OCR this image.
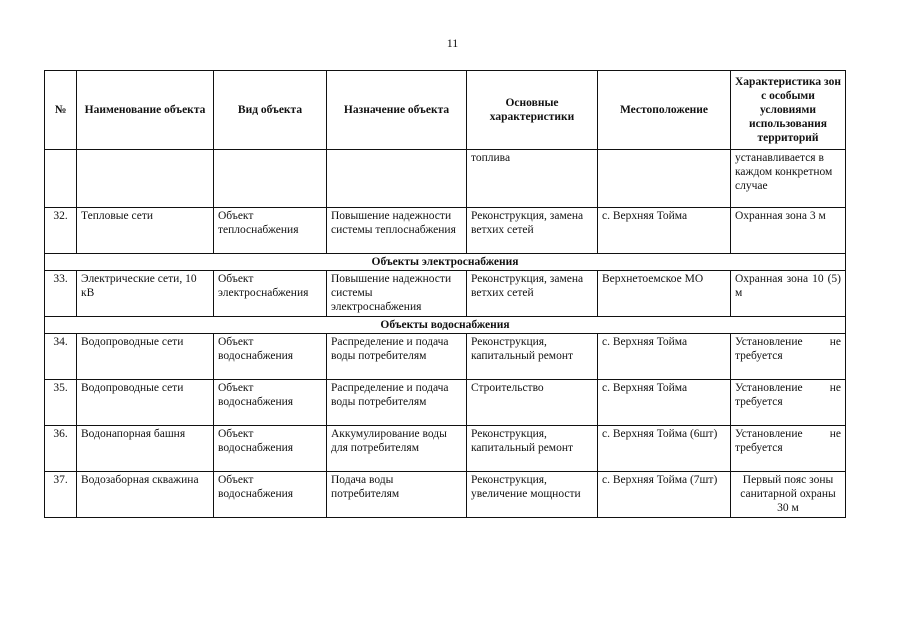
11
№	Наименование объекта	Вид объекта	Назначение объекта	Основные характеристики	Местоположение	Характеристика зон с особыми условиями использования территорий
				топлива		устанавливается в каждом конкретном случае
32.	Тепловые сети	Объект теплоснабжения	Повышение надежности системы теплоснабжения	Реконструкция, замена ветхих сетей	с. Верхняя Тойма	Охранная зона 3 м
Объекты электроснабжения						
33.	Электрические сети, 10 кВ	Объект электроснабжения	Повышение надежности системы электроснабжения	Реконструкция, замена ветхих сетей	Верхнетоемское МО	Охранная зона 10 (5) м
Объекты водоснабжения						
34.	Водопроводные сети	Объект водоснабжения	Распределение и подача воды потребителям	Реконструкция, капитальный ремонт	с. Верхняя Тойма	Установление не требуется
35.	Водопроводные сети	Объект водоснабжения	Распределение и подача воды потребителям	Строительство	с. Верхняя Тойма	Установление не требуется
36.	Водонапорная башня	Объект водоснабжения	Аккумулирование воды для потребителям	Реконструкция, капитальный ремонт	с. Верхняя Тойма (6шт)	Установление не требуется
37.	Водозаборная скважина	Объект водоснабжения	Подача воды потребителям	Реконструкция, увеличение мощности	с. Верхняя Тойма (7шт)	Первый пояс зоны санитарной охраны 30 м
